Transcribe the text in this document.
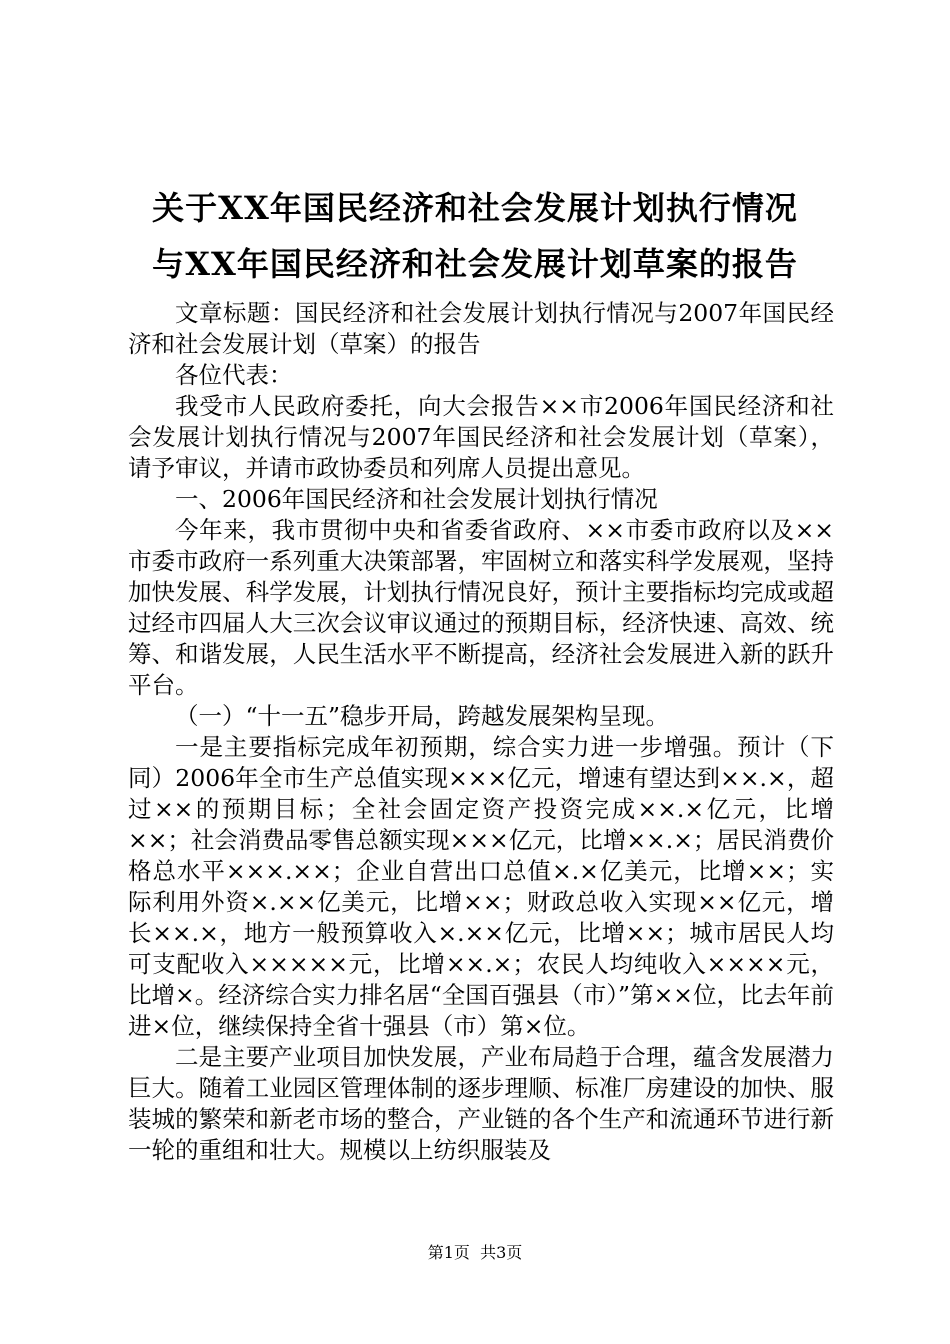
关于XX年国民经济和社会发展计划执行情况
与XX年国民经济和社会发展计划草案的报告

文章标题：国民经济和社会发展计划执行情况与2007年国民经济和社会发展计划（草案）的报告

各位代表：

我受市人民政府委托，向大会报告××市2006年国民经济和社会发展计划执行情况与2007年国民经济和社会发展计划（草案），请予审议，并请市政协委员和列席人员提出意见。

一、2006年国民经济和社会发展计划执行情况

今年来，我市贯彻中央和省委省政府、××市委市政府以及××市委市政府一系列重大决策部署，牢固树立和落实科学发展观，坚持加快发展、科学发展，计划执行情况良好，预计主要指标均完成或超过经市四届人大三次会议审议通过的预期目标，经济快速、高效、统筹、和谐发展，人民生活水平不断提高，经济社会发展进入新的跃升平台。

（一）“十一五”稳步开局，跨越发展架构呈现。

一是主要指标完成年初预期，综合实力进一步增强。预计（下同）2006年全市生产总值实现×××亿元，增速有望达到××.×，超过××的预期目标；全社会固定资产投资完成××.×亿元，比增××；社会消费品零售总额实现×××亿元，比增××.×；居民消费价格总水平×××.××；企业自营出口总值×.×亿美元，比增××；实际利用外资×.××亿美元，比增××；财政总收入实现××亿元，增长××.×，地方一般预算收入×.××亿元，比增××；城市居民人均可支配收入×××××元，比增××.×；农民人均纯收入××××元，比增×。经济综合实力排名居“全国百强县（市）”第××位，比去年前进×位，继续保持全省十强县（市）第×位。

二是主要产业项目加快发展，产业布局趋于合理，蕴含发展潜力巨大。随着工业园区管理体制的逐步理顺、标准厂房建设的加快、服装城的繁荣和新老市场的整合，产业链的各个生产和流通环节进行新一轮的重组和壮大。规模以上纺织服装及

第1页  共3页
